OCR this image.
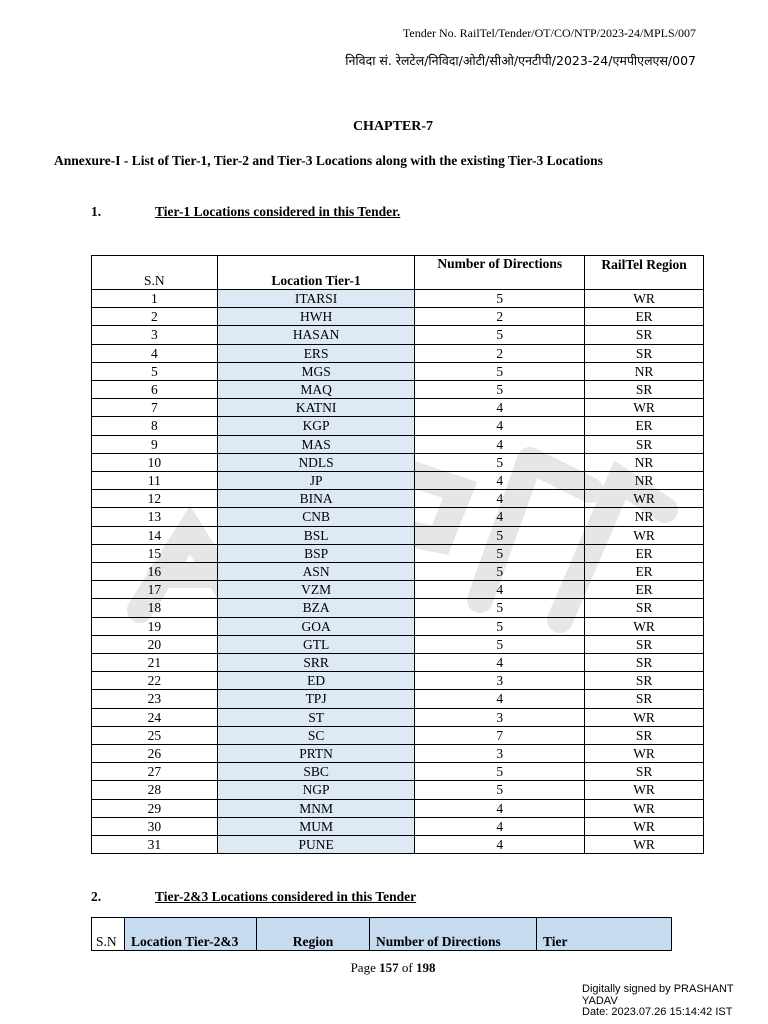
Tender No. RailTel/Tender/OT/CO/NTP/2023-24/MPLS/007
निविदा सं. रेलटेल/निविदा/ओटी/सीओ/एनटीपी/2023-24/एमपीएलएस/007
CHAPTER-7
Annexure-I - List of Tier-1, Tier-2 and Tier-3 Locations along with the existing Tier-3 Locations
1.	Tier-1 Locations considered in this Tender.
S.N	Location Tier-1	Number of Directions	RailTel Region
1	ITARSI	5	WR
2	HWH	2	ER
3	HASAN	5	SR
4	ERS	2	SR
5	MGS	5	NR
6	MAQ	5	SR
7	KATNI	4	WR
8	KGP	4	ER
9	MAS	4	SR
10	NDLS	5	NR
11	JP	4	NR
12	BINA	4	WR
13	CNB	4	NR
14	BSL	5	WR
15	BSP	5	ER
16	ASN	5	ER
17	VZM	4	ER
18	BZA	5	SR
19	GOA	5	WR
20	GTL	5	SR
21	SRR	4	SR
22	ED	3	SR
23	TPJ	4	SR
24	ST	3	WR
25	SC	7	SR
26	PRTN	3	WR
27	SBC	5	SR
28	NGP	5	WR
29	MNM	4	WR
30	MUM	4	WR
31	PUNE	4	WR
2.	Tier-2&3 Locations considered in this Tender
S.N	Location Tier-2&3	Region	Number of Directions	Tier
Page 157 of 198
Digitally signed by PRASHANT
YADAV
Date: 2023.07.26 15:14:42 IST
